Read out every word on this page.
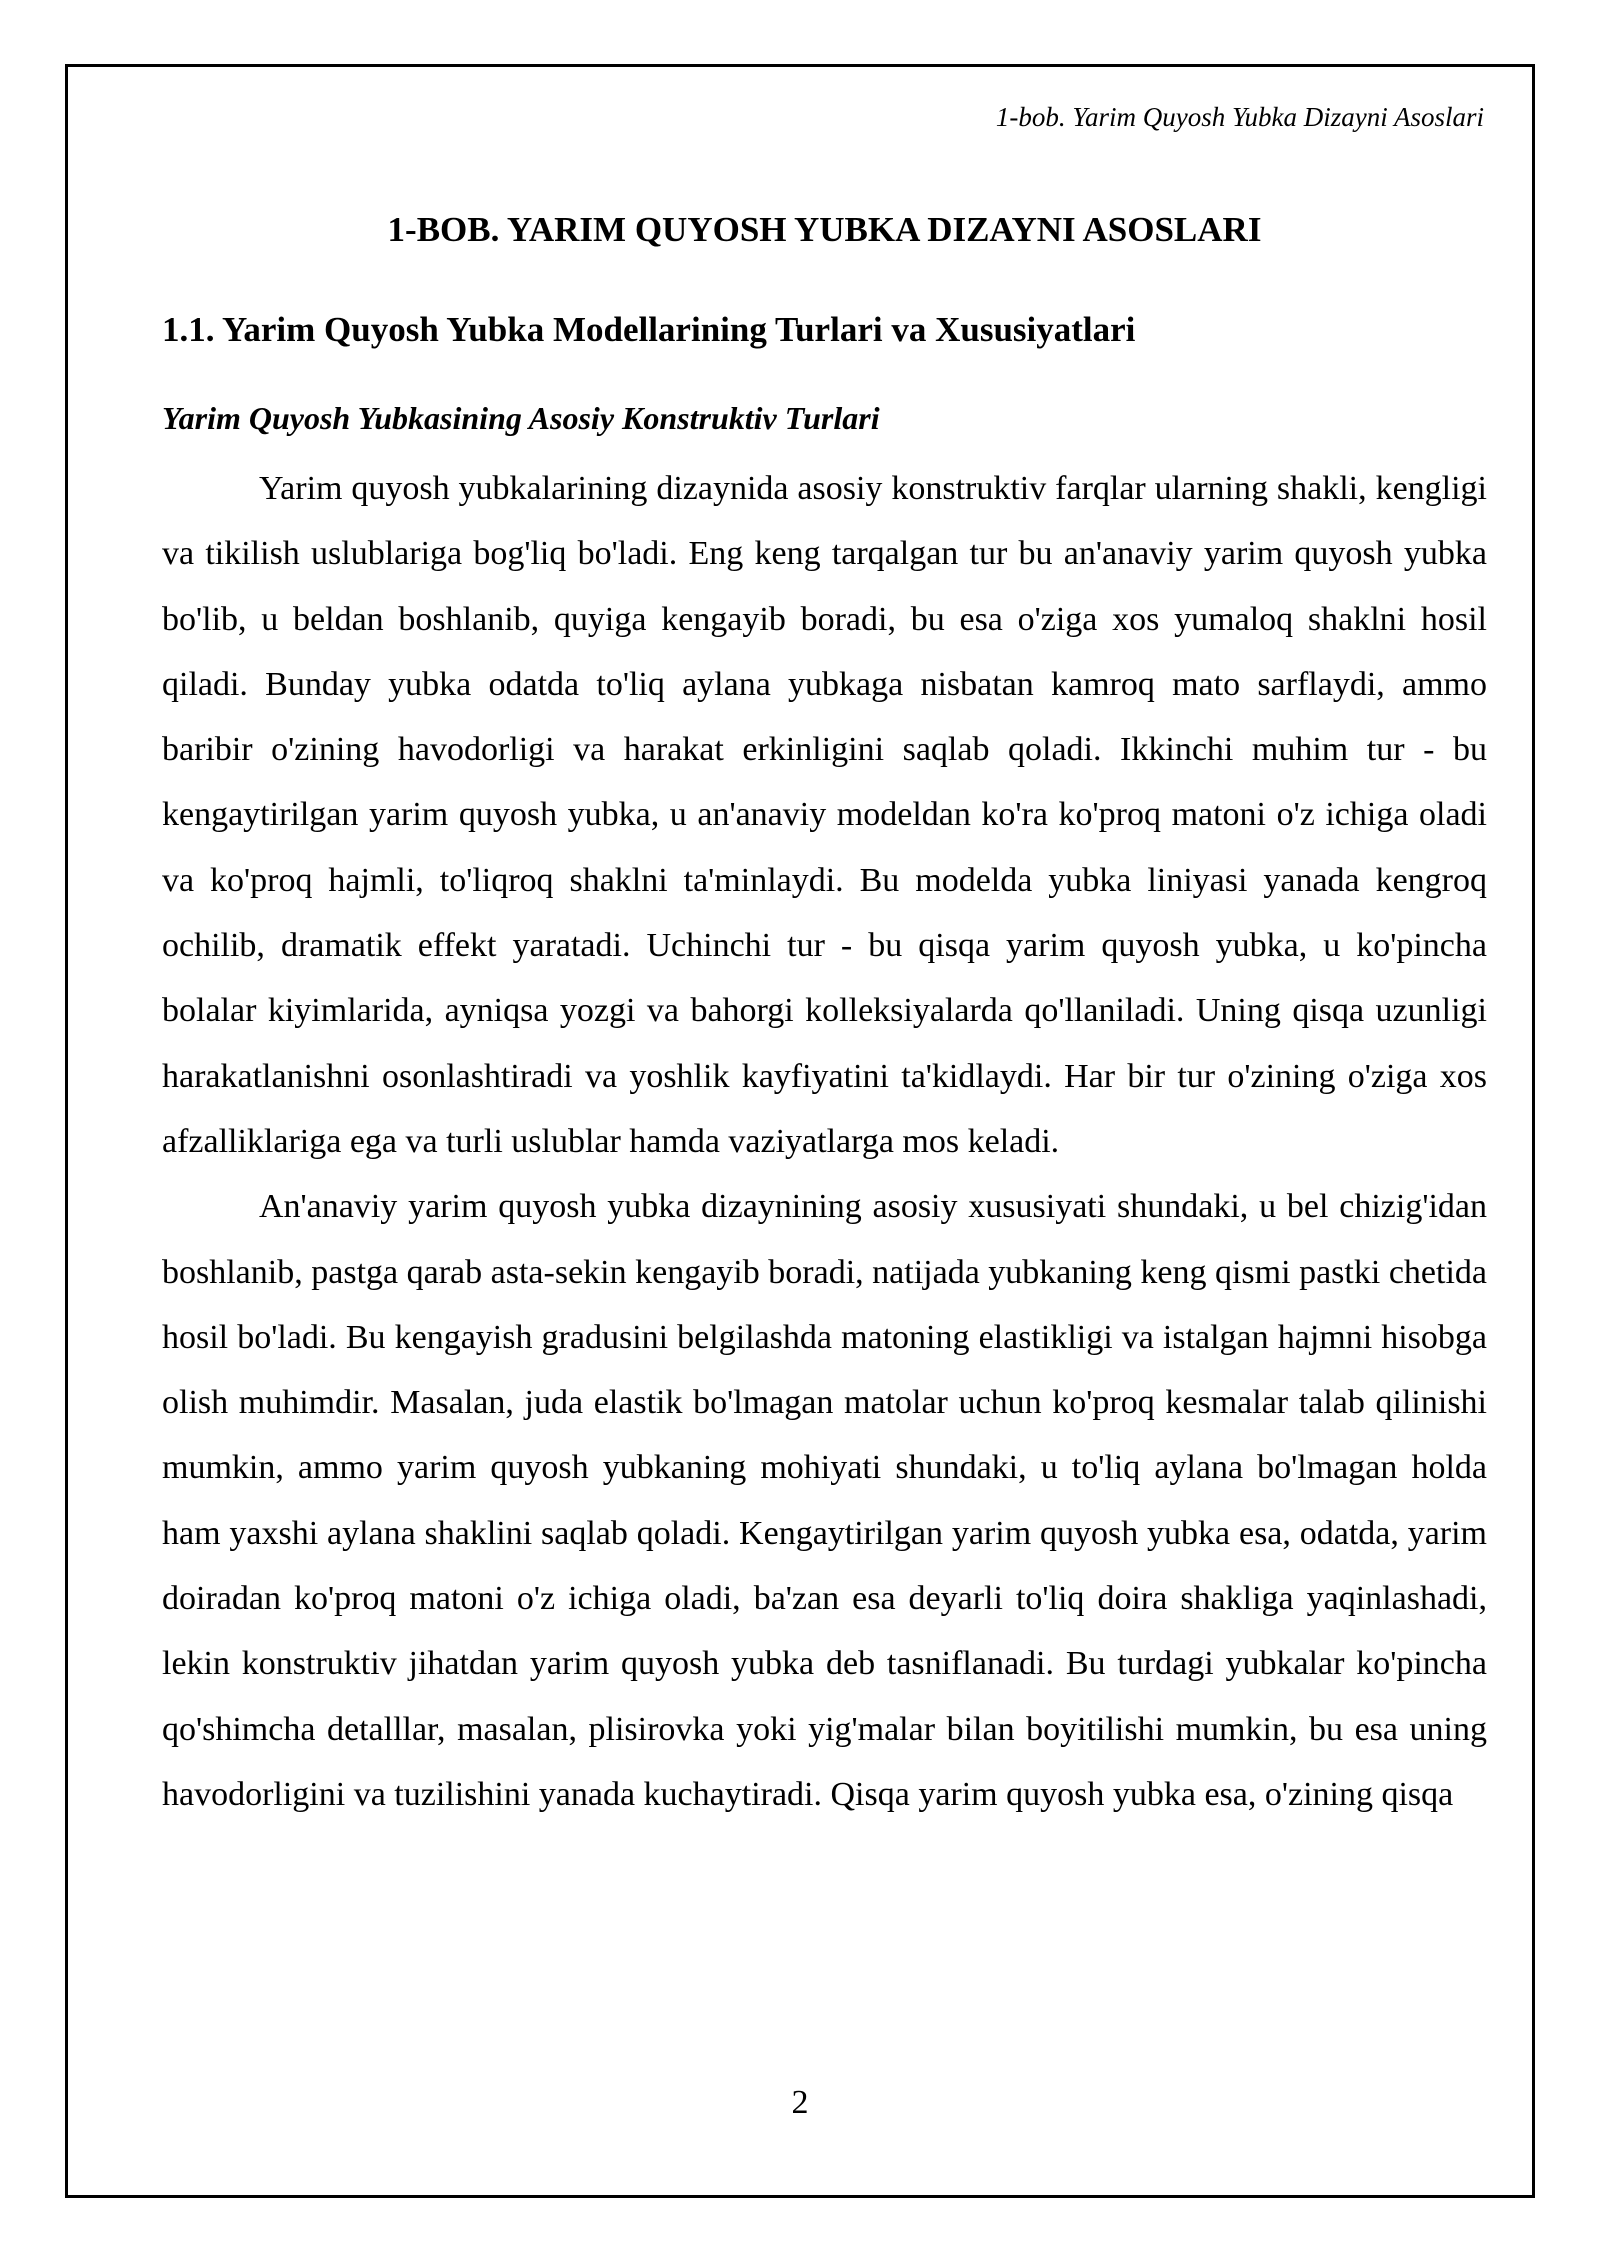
1-bob. Yarim Quyosh Yubka Dizayni Asoslari
2
1-BOB. YARIM QUYOSH YUBKA DIZAYNI ASOSLARI
1.1. Yarim Quyosh Yubka Modellarining Turlari va Xususiyatlari
Yarim Quyosh Yubkasining Asosiy Konstruktiv Turlari

Yarim quyosh yubkalarining dizaynida asosiy konstruktiv farqlar ularning shakli, kengligi va tikilish uslublariga bog'liq bo'ladi. Eng keng tarqalgan tur bu an'anaviy yarim quyosh yubka bo'lib, u beldan boshlanib, quyiga kengayib boradi, bu esa o'ziga xos yumaloq shaklni hosil qiladi. Bunday yubka odatda to'liq aylana yubkaga nisbatan kamroq mato sarflaydi, ammo baribir o'zining havodorligi va harakat erkinligini saqlab qoladi. Ikkinchi muhim tur - bu kengaytirilgan yarim quyosh yubka, u an'anaviy modeldan ko'ra ko'proq matoni o'z ichiga oladi va ko'proq hajmli, to'liqroq shaklni ta'minlaydi. Bu modelda yubka liniyasi yanada kengroq ochilib, dramatik effekt yaratadi. Uchinchi tur - bu qisqa yarim quyosh yubka, u ko'pincha bolalar kiyimlarida, ayniqsa yozgi va bahorgi kolleksiyalarda qo'llaniladi. Uning qisqa uzunligi harakatlanishni osonlashtiradi va yoshlik kayfiyatini ta'kidlaydi. Har bir tur o'zining o'ziga xos afzalliklariga ega va turli uslublar hamda vaziyatlarga mos keladi.

An'anaviy yarim quyosh yubka dizaynining asosiy xususiyati shundaki, u bel chizig'idan boshlanib, pastga qarab asta-sekin kengayib boradi, natijada yubkaning keng qismi pastki chetida hosil bo'ladi. Bu kengayish gradusini belgilashda matoning elastikligi va istalgan hajmni hisobga olish muhimdir. Masalan, juda elastik bo'lmagan matolar uchun ko'proq kesmalar talab qilinishi mumkin, ammo yarim quyosh yubkaning mohiyati shundaki, u to'liq aylana bo'lmagan holda ham yaxshi aylana shaklini saqlab qoladi. Kengaytirilgan yarim quyosh yubka esa, odatda, yarim doiradan ko'proq matoni o'z ichiga oladi, ba'zan esa deyarli to'liq doira shakliga yaqinlashadi, lekin konstruktiv jihatdan yarim quyosh yubka deb tasniflanadi. Bu turdagi yubkalar ko'pincha qo'shimcha detalllar, masalan, plisirovka yoki yig'malar bilan boyitilishi mumkin, bu esa uning havodorligini va tuzilishini yanada kuchaytiradi. Qisqa yarim quyosh yubka esa, o'zining qisqa
